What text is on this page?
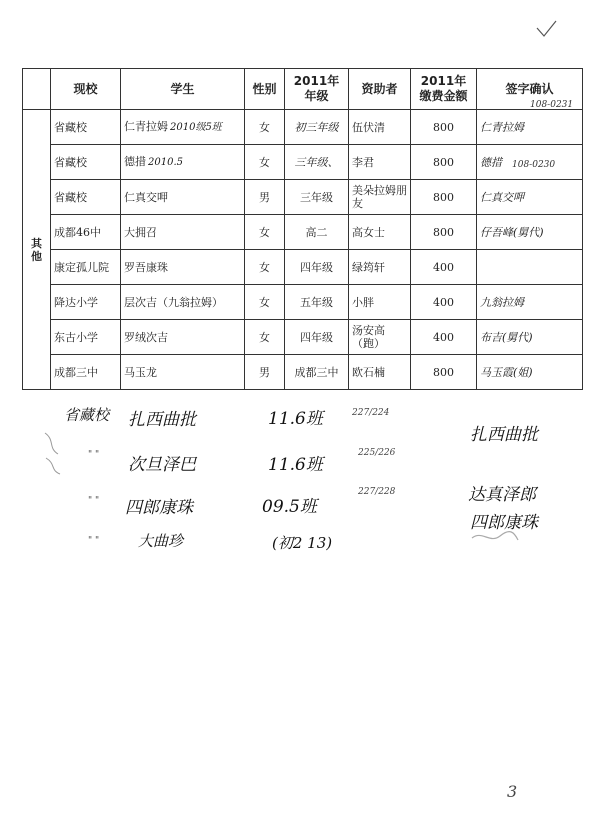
	现校	学生	性别	2011年 年级	资助者	2011年 缴费金额	签字确认
其他	省藏校	仁青拉姆 2010级5班	女	初三年级	伍伏清	800	仁青拉姆
	省藏校	德措 2010.5	女	三年级、	李君	800	德措
	省藏校	仁真交呷	男	三年级	美朵拉姆朋友	800	仁真交呷
	成都46中	大拥召	女	高二	高女士	800	仔吾峰(舅代)
	康定孤儿院	罗吾康珠	女	四年级	绿筠轩	400	
	降达小学	层次吉（九翁拉姆）	女	五年级	小胖	400	九翁拉姆
	东古小学	罗绒次吉	女	四年级	汤安高（跑）	400	布吉(舅代)
	成都三中	马玉龙	男	成都三中	欧石楠	800	马玉霞(姐)
108-0231
108-0230
省藏校 扎西曲批	11.6班	227/224
扎西曲批
" " 次旦泽巴	11.6班
225/226
" " 四郎康珠	09.5班
227/228	达真泽郎
四郎康珠
" "	大曲珍	(初2 13)
3
